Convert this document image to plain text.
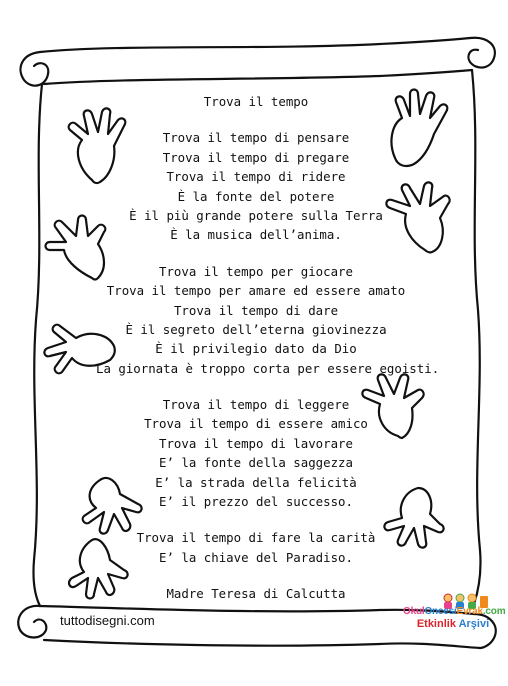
Trova il tempo
Trova il tempo di pensare
Trova il tempo di pregare
Trova il tempo di ridere
È la fonte del potere
È il più grande potere sulla Terra
È la musica dell’anima.
Trova il tempo per giocare
Trova il tempo per amare ed essere amato
Trova il tempo di dare
È il segreto dell’eterna giovinezza
È il privilegio dato da Dio
La giornata è troppo corta per essere egoisti.
Trova il tempo di leggere
Trova il tempo di essere amico
Trova il tempo di lavorare
E’ la fonte della saggezza
E’ la strada della felicità
E’ il prezzo del successo.
Trova il tempo di fare la carità
E’ la chiave del Paradiso.
Madre Teresa di Calcutta
tuttodisegni.com
OkulOncesiEvrak.com
Etkinlik Arşivi
